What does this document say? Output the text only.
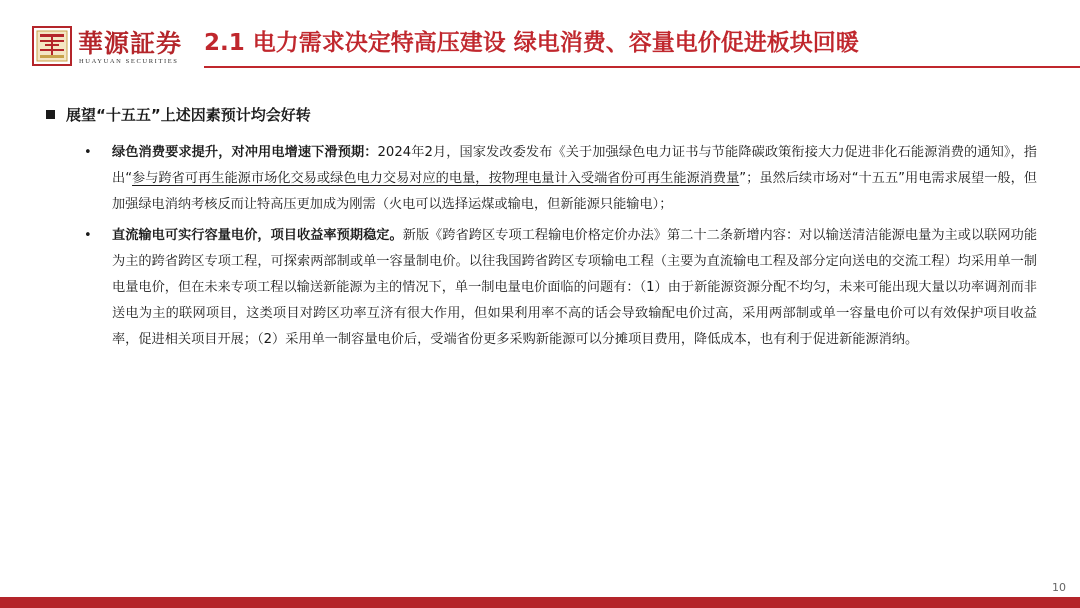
華源証券
HUAYUAN SECURITIES
2.1 电力需求决定特高压建设 绿电消费、容量电价促进板块回暖
展望“十五五”上述因素预计均会好转
• 绿色消费要求提升，对冲用电增速下滑预期：2024年2月，国家发改委发布《关于加强绿色电力证书与节能降碳政策衔接大力促进非化石能源消费的通知》，指出“参与跨省可再生能源市场化交易或绿色电力交易对应的电量，按物理电量计入受端省份可再生能源消费量”；虽然后续市场对“十五五”用电需求展望一般，但加强绿电消纳考核反而让特高压更加成为刚需（火电可以选择运煤或输电，但新能源只能输电）；
• 直流输电可实行容量电价，项目收益率预期稳定。新版《跨省跨区专项工程输电价格定价办法》第二十二条新增内容：对以输送清洁能源电量为主或以联网功能为主的跨省跨区专项工程，可探索两部制或单一容量制电价。以往我国跨省跨区专项输电工程（主要为直流输电工程及部分定向送电的交流工程）均采用单一制电量电价，但在未来专项工程以输送新能源为主的情况下，单一制电量电价面临的问题有：（1）由于新能源资源分配不均匀，未来可能出现大量以功率调剂而非送电为主的联网项目，这类项目对跨区功率互济有很大作用，但如果利用率不高的话会导致输配电价过高，采用两部制或单一容量电价可以有效保护项目收益率，促进相关项目开展；（2）采用单一制容量电价后，受端省份更多采购新能源可以分摊项目费用，降低成本，也有利于促进新能源消纳。
10
